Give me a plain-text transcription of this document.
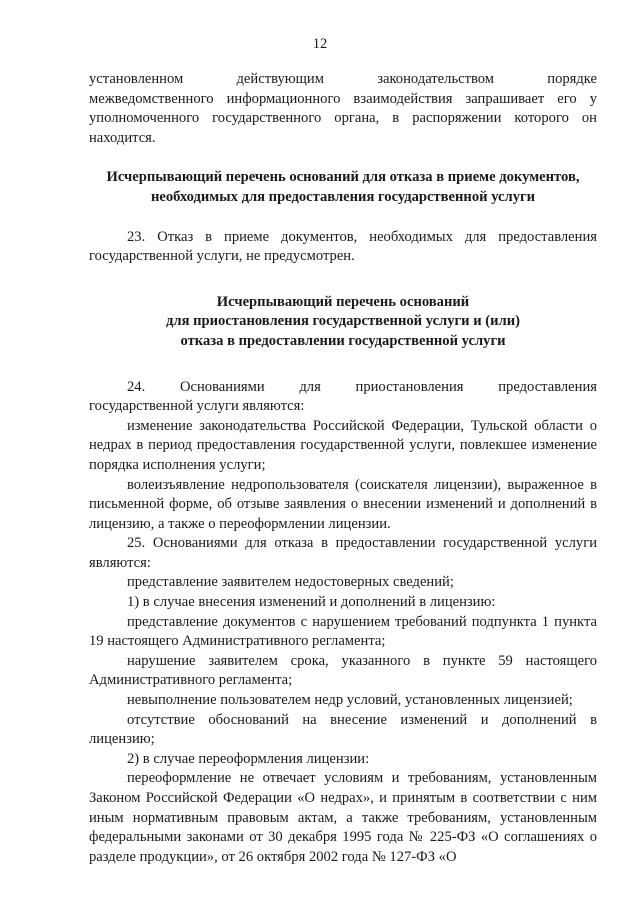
12

установленном действующим законодательством порядке

межведомственного информационного взаимодействия запрашивает его у уполномоченного государственного органа, в распоряжении которого он находится.

Исчерпывающий перечень оснований для отказа в приеме документов, необходимых для предоставления государственной услуги

23. Отказ в приеме документов, необходимых для предоставления государственной услуги, не предусмотрен.

Исчерпывающий перечень оснований

для приостановления государственной услуги и (или)

отказа в предоставлении государственной услуги

24. Основаниями для приостановления предоставления

государственной услуги являются:

изменение законодательства Российской Федерации, Тульской области о недрах в период предоставления государственной услуги, повлекшее изменение порядка исполнения услуги;

волеизъявление недропользователя (соискателя лицензии), выраженное в письменной форме, об отзыве заявления о внесении изменений и дополнений в лицензию, а также о переоформлении лицензии.

25. Основаниями для отказа в предоставлении государственной услуги являются:

представление заявителем недостоверных сведений;

1) в случае внесения изменений и дополнений в лицензию:

представление документов с нарушением требований подпункта 1 пункта 19 настоящего Административного регламента;

нарушение заявителем срока, указанного в пункте 59 настоящего Административного регламента;

невыполнение пользователем недр условий, установленных лицензией;

отсутствие обоснований на внесение изменений и дополнений в лицензию;

2) в случае переоформления лицензии:

переоформление не отвечает условиям и требованиям, установленным Законом Российской Федерации «О недрах», и принятым в соответствии с ним иным нормативным правовым актам, а также требованиям, установленным федеральными законами от 30 декабря 1995 года № 225-ФЗ «О соглашениях о разделе продукции», от 26 октября 2002 года № 127-ФЗ «О
